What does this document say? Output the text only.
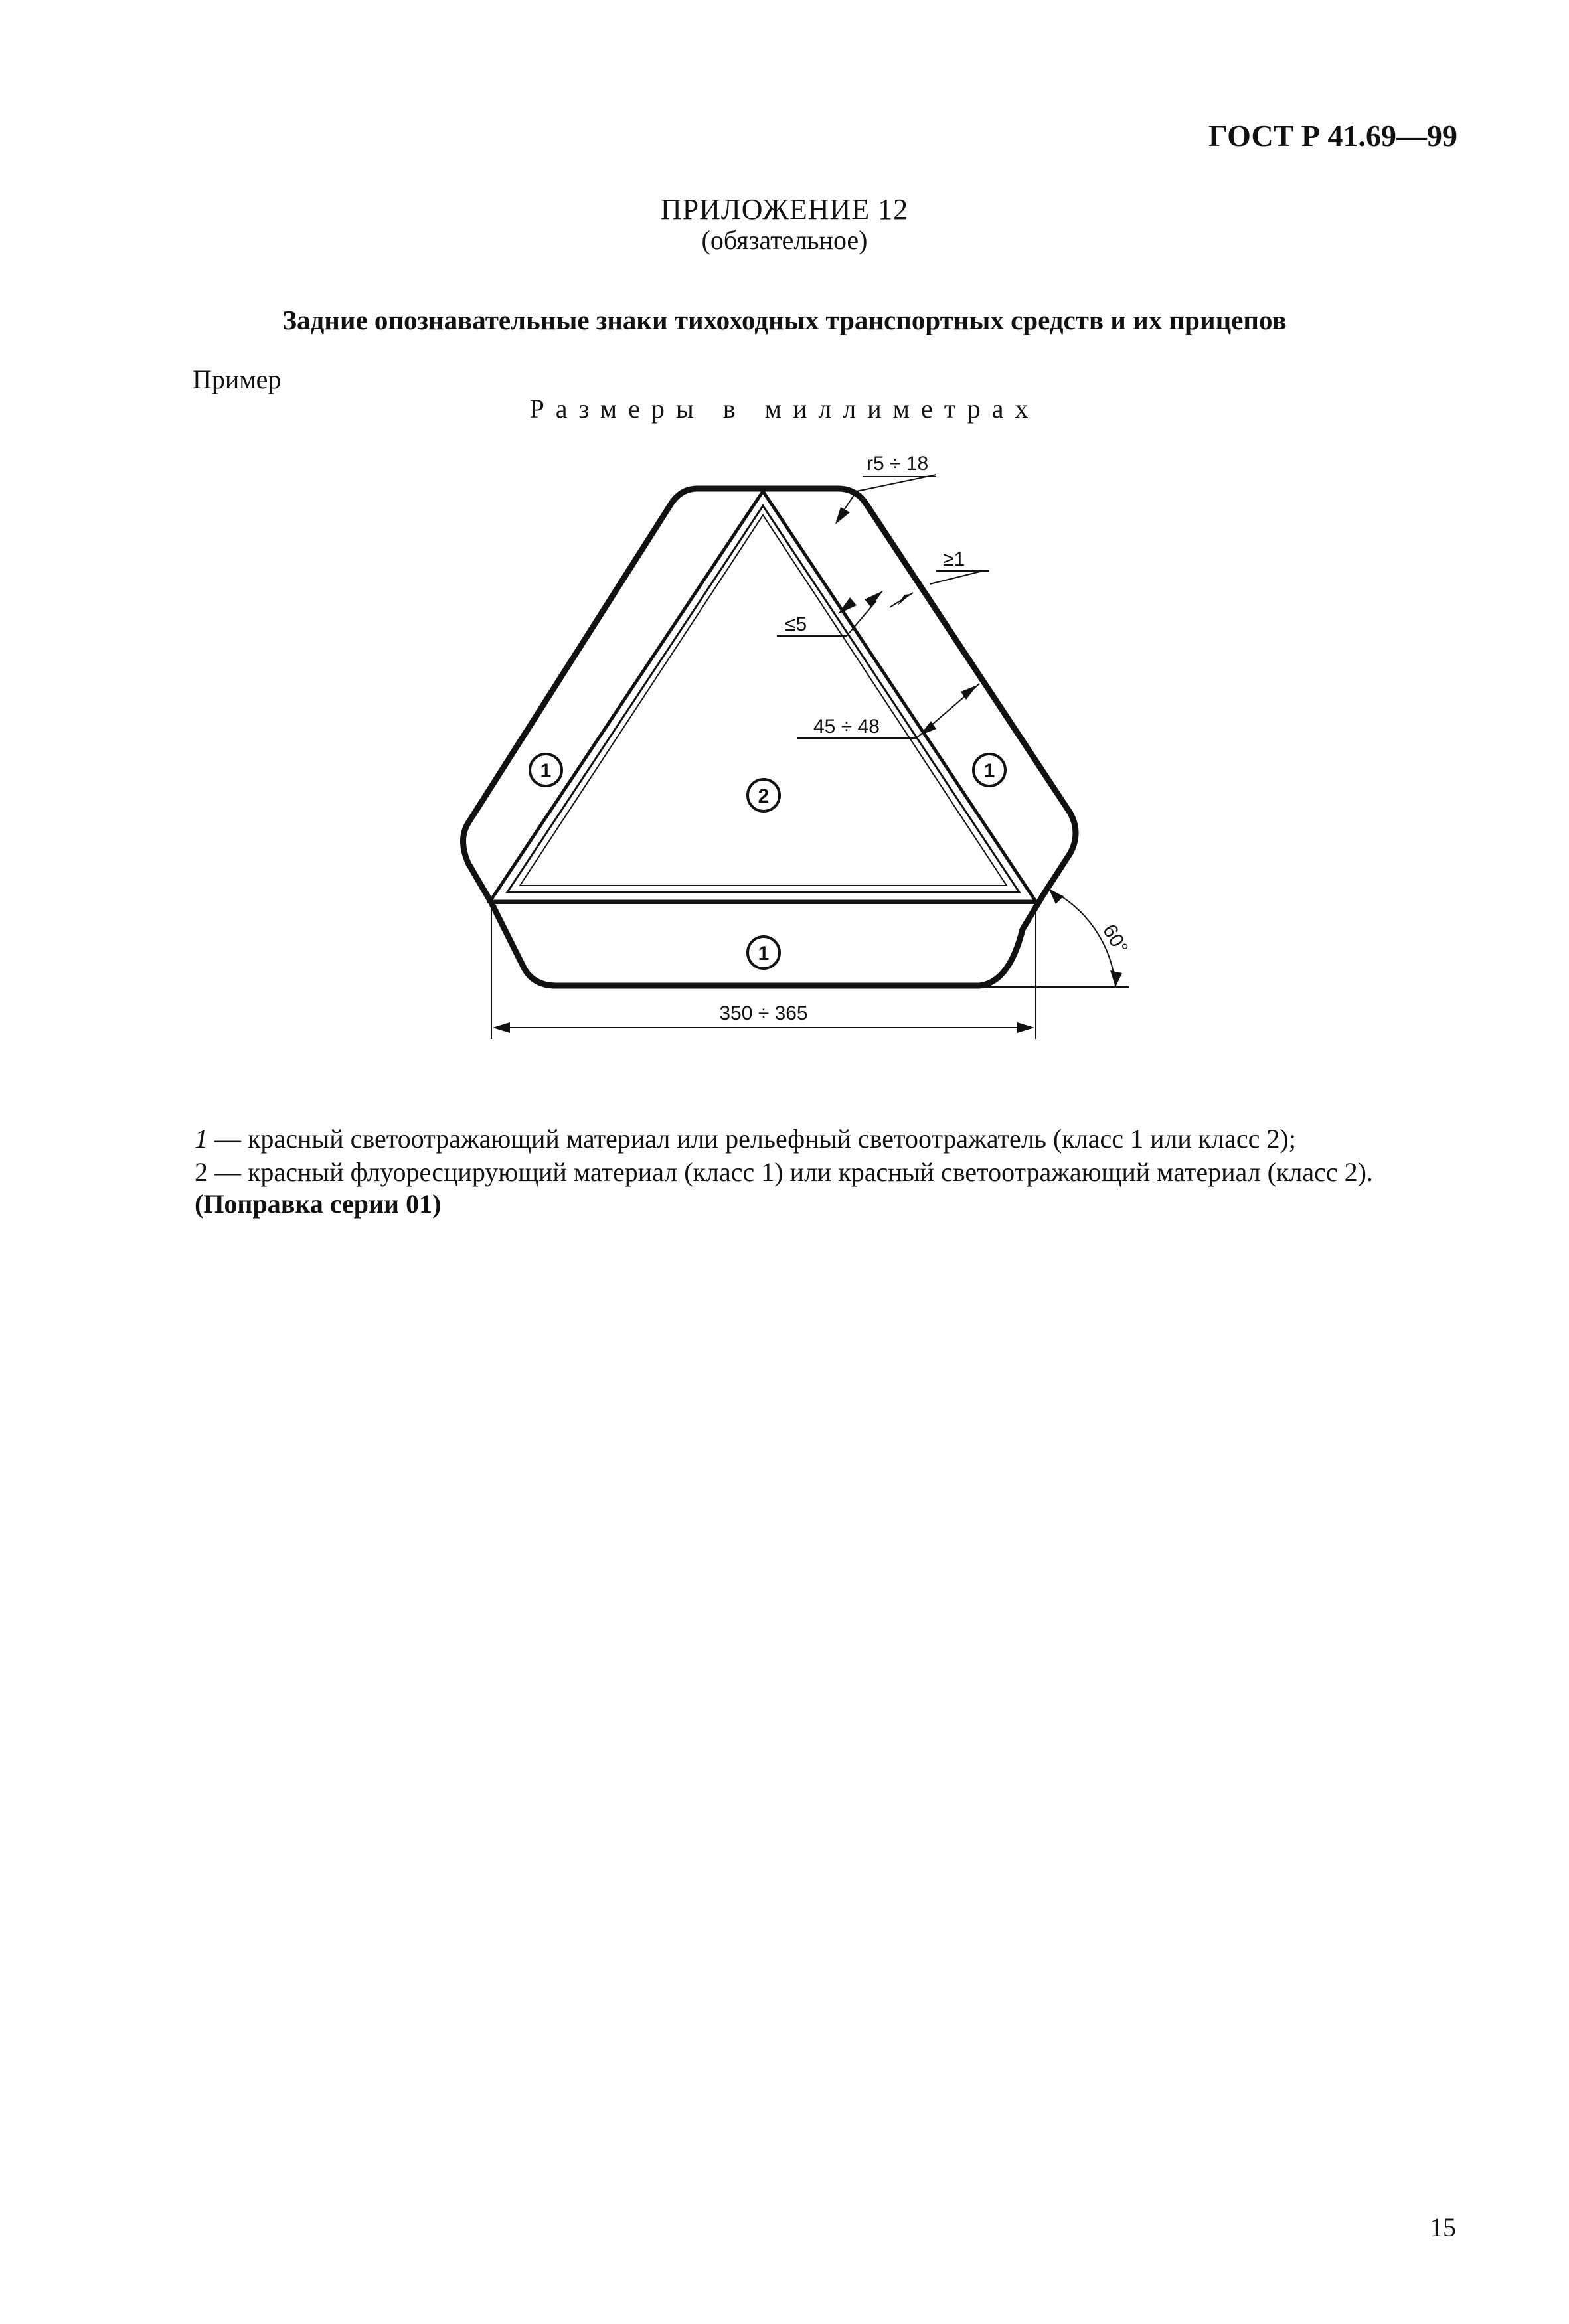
ГОСТ Р 41.69—99
ПРИЛОЖЕНИЕ 12
(обязательное)
Задние опознавательные знаки тихоходных транспортных средств и их прицепов
Пример
Размеры в миллиметрах
350 ÷ 365
60°
r5 ÷ 18
≥1
≤5
45 ÷ 48
1	1
2
1
1 — красный светоотражающий материал или рельефный светоотражатель (класс 1 или класс 2);
2 — красный флуоресцирующий материал (класс 1) или красный светоотражающий материал (класс 2).
(Поправка серии 01)
15
